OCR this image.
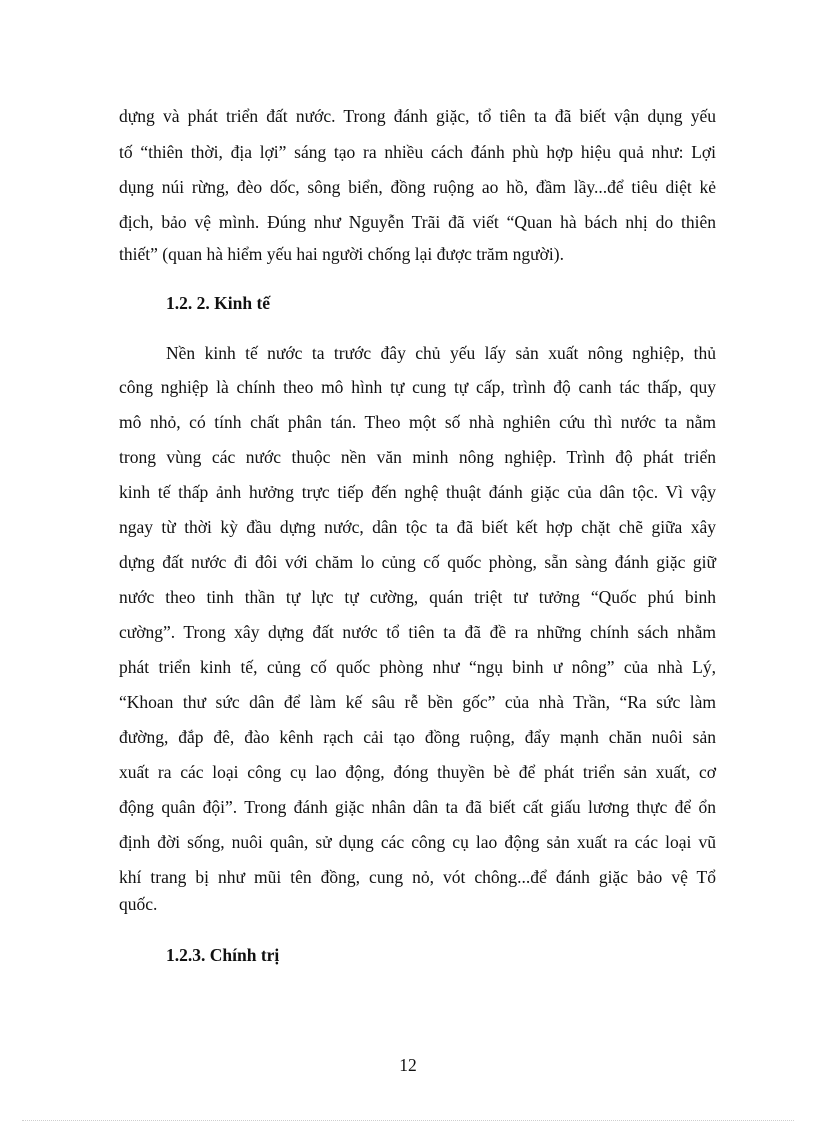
dựng và phát triển đất nước. Trong đánh giặc, tổ tiên ta đã biết vận dụng yếu
tố “thiên thời, địa lợi” sáng tạo ra nhiều cách đánh phù hợp hiệu quả như: Lợi
dụng núi rừng, đèo dốc, sông biển, đồng ruộng ao hồ, đầm lầy...để tiêu diệt kẻ
địch, bảo vệ mình. Đúng như Nguyễn Trãi đã viết “Quan hà bách nhị do thiên
thiết” (quan hà hiểm yếu hai người chống lại được trăm người).
1.2. 2. Kinh tế
Nền kinh tế nước ta trước đây chủ yếu lấy sản xuất nông nghiệp, thủ
công nghiệp là chính theo mô hình tự cung tự cấp, trình độ canh tác thấp, quy
mô nhỏ, có tính chất phân tán. Theo một số nhà nghiên cứu thì nước ta nằm
trong vùng các nước thuộc nền văn minh nông nghiệp. Trình độ phát triển
kinh tế thấp ảnh hưởng trực tiếp đến nghệ thuật đánh giặc của dân tộc. Vì vậy
ngay từ thời kỳ đầu dựng nước, dân tộc ta đã biết kết hợp chặt chẽ giữa xây
dựng đất nước đi đôi với chăm lo củng cố quốc phòng, sẵn sàng đánh giặc giữ
nước theo tinh thần tự lực tự cường, quán triệt tư tưởng “Quốc phú binh
cường”. Trong xây dựng đất nước tổ tiên ta đã đề ra những chính sách nhằm
phát triển kinh tế, củng cố quốc phòng như “ngụ binh ư nông” của nhà Lý,
“Khoan thư sức dân để làm kế sâu rễ bền gốc” của nhà Trần, “Ra sức làm
đường, đắp đê, đào kênh rạch cải tạo đồng ruộng, đẩy mạnh chăn nuôi sản
xuất ra các loại công cụ lao động, đóng thuyền bè để phát triển sản xuất, cơ
động quân đội”. Trong đánh giặc nhân dân ta đã biết cất giấu lương thực để ổn
định đời sống, nuôi quân, sử dụng các công cụ lao động sản xuất ra các loại vũ
khí trang bị như mũi tên đồng, cung nỏ, vót chông...để đánh giặc bảo vệ Tổ
quốc.
1.2.3. Chính trị
12
